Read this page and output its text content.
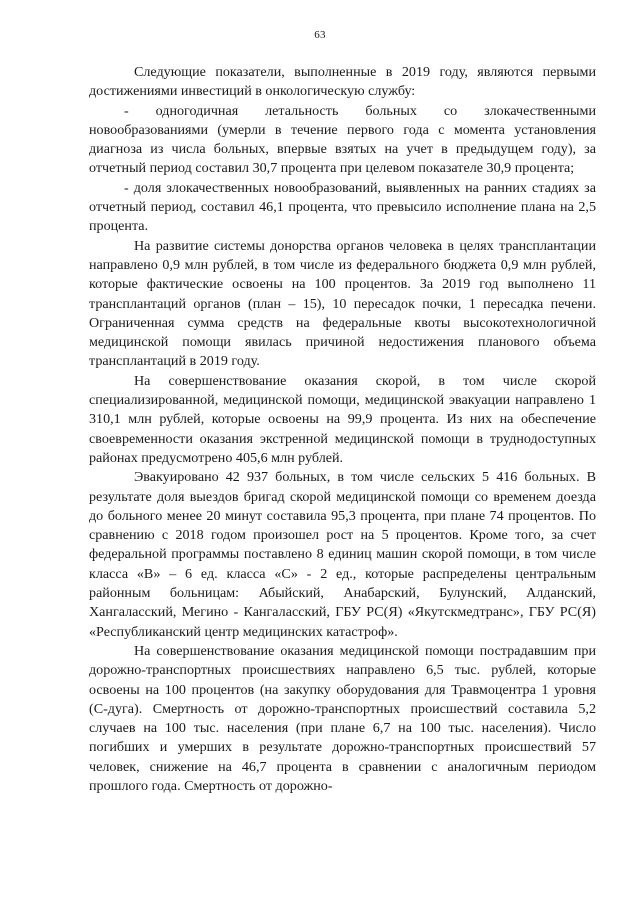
63

Следующие показатели, выполненные в 2019 году, являются первыми достижениями инвестиций в онкологическую службу:

- одногодичная летальность больных со злокачественными новообразованиями (умерли в течение первого года с момента установления диагноза из числа больных, впервые взятых на учет в предыдущем году), за отчетный период составил 30,7 процента при целевом показателе 30,9 процента;

- доля злокачественных новообразований, выявленных на ранних стадиях за отчетный период, составил 46,1 процента, что превысило исполнение плана на 2,5 процента.

На развитие системы донорства органов человека в целях трансплантации направлено 0,9 млн рублей, в том числе из федерального бюджета 0,9 млн рублей, которые фактические освоены на 100 процентов. За 2019 год выполнено 11 трансплантаций органов (план – 15), 10 пересадок почки, 1 пересадка печени. Ограниченная сумма средств на федеральные квоты высокотехнологичной медицинской помощи явилась причиной недостижения планового объема трансплантаций в 2019 году.

На совершенствование оказания скорой, в том числе скорой специализированной, медицинской помощи, медицинской эвакуации направлено 1 310,1 млн рублей, которые освоены на 99,9 процента. Из них на обеспечение своевременности оказания экстренной медицинской помощи в труднодоступных районах предусмотрено 405,6 млн рублей.

Эвакуировано 42 937 больных, в том числе сельских 5 416 больных. В результате доля выездов бригад скорой медицинской помощи со временем доезда до больного менее 20 минут составила 95,3 процента, при плане 74 процентов. По сравнению с 2018 годом произошел рост на 5 процентов. Кроме того, за счет федеральной программы поставлено 8 единиц машин скорой помощи, в том числе класса «В» – 6 ед. класса «С» - 2 ед., которые распределены центральным районным больницам: Абыйский, Анабарский, Булунский, Алданский, Хангаласский, Мегино - Кангаласский, ГБУ РС(Я) «Якутскмедтранс», ГБУ РС(Я) «Республиканский центр медицинских катастроф».

На совершенствование оказания медицинской помощи пострадавшим при дорожно-транспортных происшествиях направлено 6,5 тыс. рублей, которые освоены на 100 процентов (на закупку оборудования для Травмоцентра 1 уровня (С-дуга). Смертность от дорожно-транспортных происшествий составила 5,2 случаев на 100 тыс. населения (при плане 6,7 на 100 тыс. населения). Число погибших и умерших в результате дорожно-транспортных происшествий 57 человек, снижение на 46,7 процента в сравнении с аналогичным периодом прошлого года. Смертность от дорожно-
